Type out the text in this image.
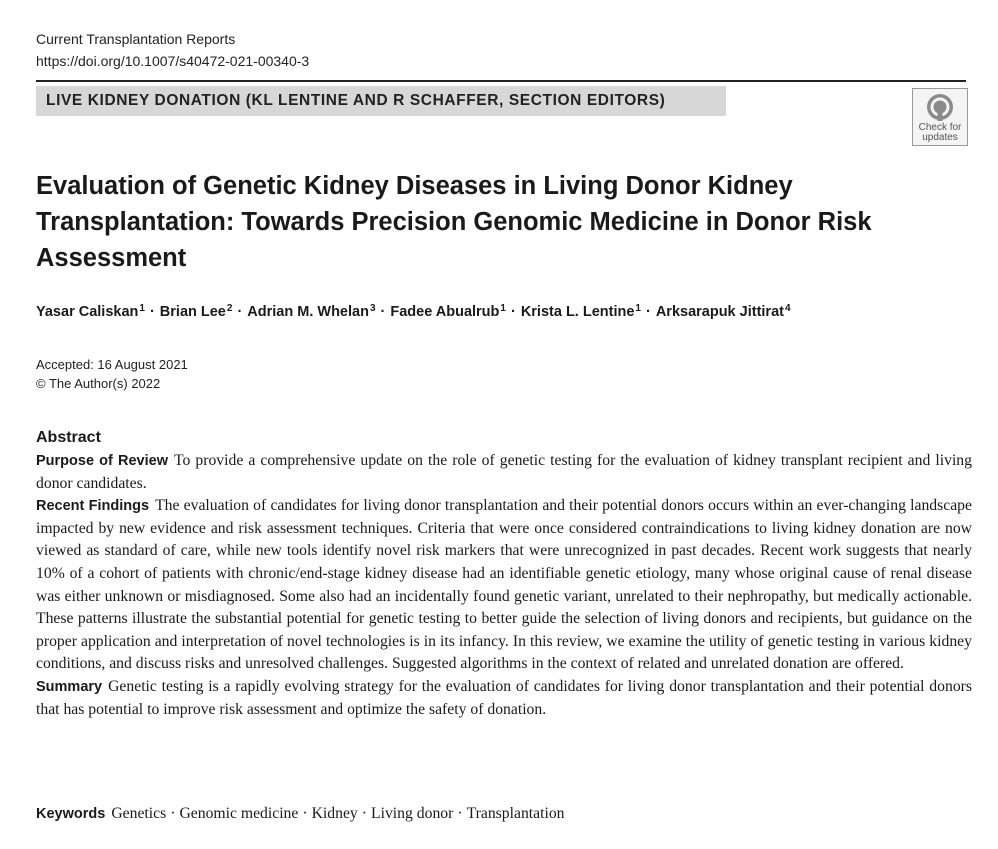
Current Transplantation Reports
https://doi.org/10.1007/s40472-021-00340-3
LIVE KIDNEY DONATION (KL LENTINE AND R SCHAFFER, SECTION EDITORS)
Check for
updates
Evaluation of Genetic Kidney Diseases in Living Donor Kidney Transplantation: Towards Precision Genomic Medicine in Donor Risk Assessment
Yasar Caliskan$^1$ · Brian Lee$^2$ · Adrian M. Whelan$^3$ · Fadee Abualrub$^1$ · Krista L. Lentine$^1$ · Arksarapuk Jittirat$^4$
Accepted: 16 August 2021
© The Author(s) 2022
Abstract

Purpose of Review To provide a comprehensive update on the role of genetic testing for the evaluation of kidney transplant recipient and living donor candidates.

Recent Findings The evaluation of candidates for living donor transplantation and their potential donors occurs within an ever-changing landscape impacted by new evidence and risk assessment techniques. Criteria that were once considered contraindications to living kidney donation are now viewed as standard of care, while new tools identify novel risk markers that were unrecognized in past decades. Recent work suggests that nearly 10% of a cohort of patients with chronic/end-stage kidney disease had an identifiable genetic etiology, many whose original cause of renal disease was either unknown or misdiagnosed. Some also had an incidentally found genetic variant, unrelated to their nephropathy, but medically actionable. These patterns illustrate the substantial potential for genetic testing to better guide the selection of living donors and recipients, but guidance on the proper application and interpretation of novel technologies is in its infancy. In this review, we examine the utility of genetic testing in various kidney conditions, and discuss risks and unresolved challenges. Suggested algorithms in the context of related and unrelated donation are offered.

Summary Genetic testing is a rapidly evolving strategy for the evaluation of candidates for living donor transplantation and their potential donors that has potential to improve risk assessment and optimize the safety of donation.

Keywords Genetics · Genomic medicine · Kidney · Living donor · Transplantation
